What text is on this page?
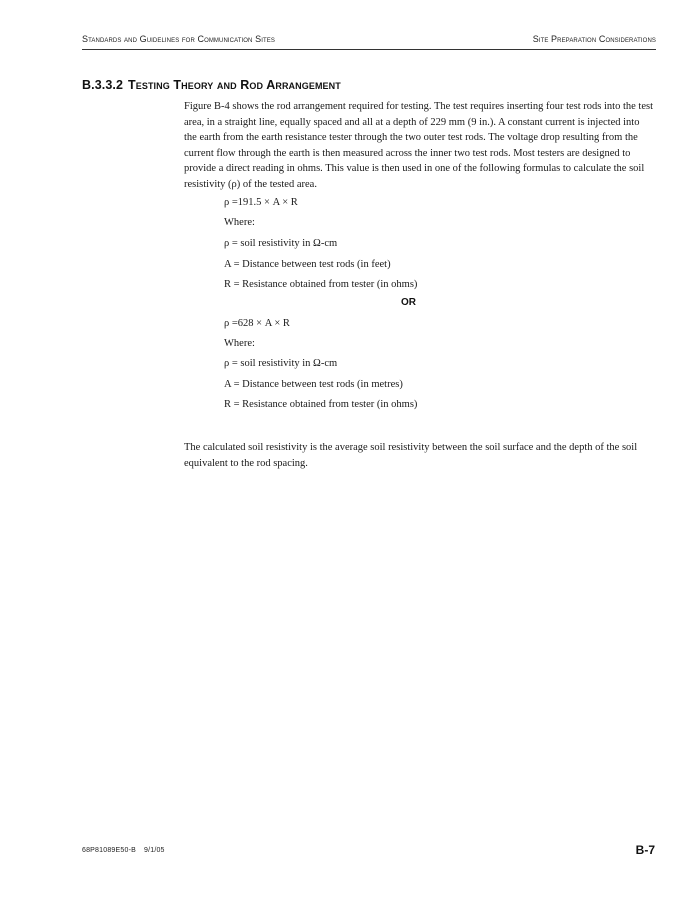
Standards and Guidelines for Communication Sites	Site Preparation Considerations
B.3.3.2 Testing Theory and Rod Arrangement

Figure B-4 shows the rod arrangement required for testing. The test requires inserting four test rods into the test area, in a straight line, equally spaced and all at a depth of 229 mm (9 in.). A constant current is injected into the earth from the earth resistance tester through the two outer test rods. The voltage drop resulting from the current flow through the earth is then measured across the inner two test rods. Most testers are designed to provide a direct reading in ohms. This value is then used in one of the following formulas to calculate the soil resistivity (ρ) of the tested area.

ρ =191.5 × A × R
Where:
ρ = soil resistivity in Ω-cm
A = Distance between test rods (in feet)
R = Resistance obtained from tester (in ohms)
OR
ρ =628 × A × R
Where:
ρ = soil resistivity in Ω-cm
A = Distance between test rods (in metres)
R = Resistance obtained from tester (in ohms)

The calculated soil resistivity is the average soil resistivity between the soil surface and the depth of the soil equivalent to the rod spacing.

68P81089E50-B 9/1/05	B-7
